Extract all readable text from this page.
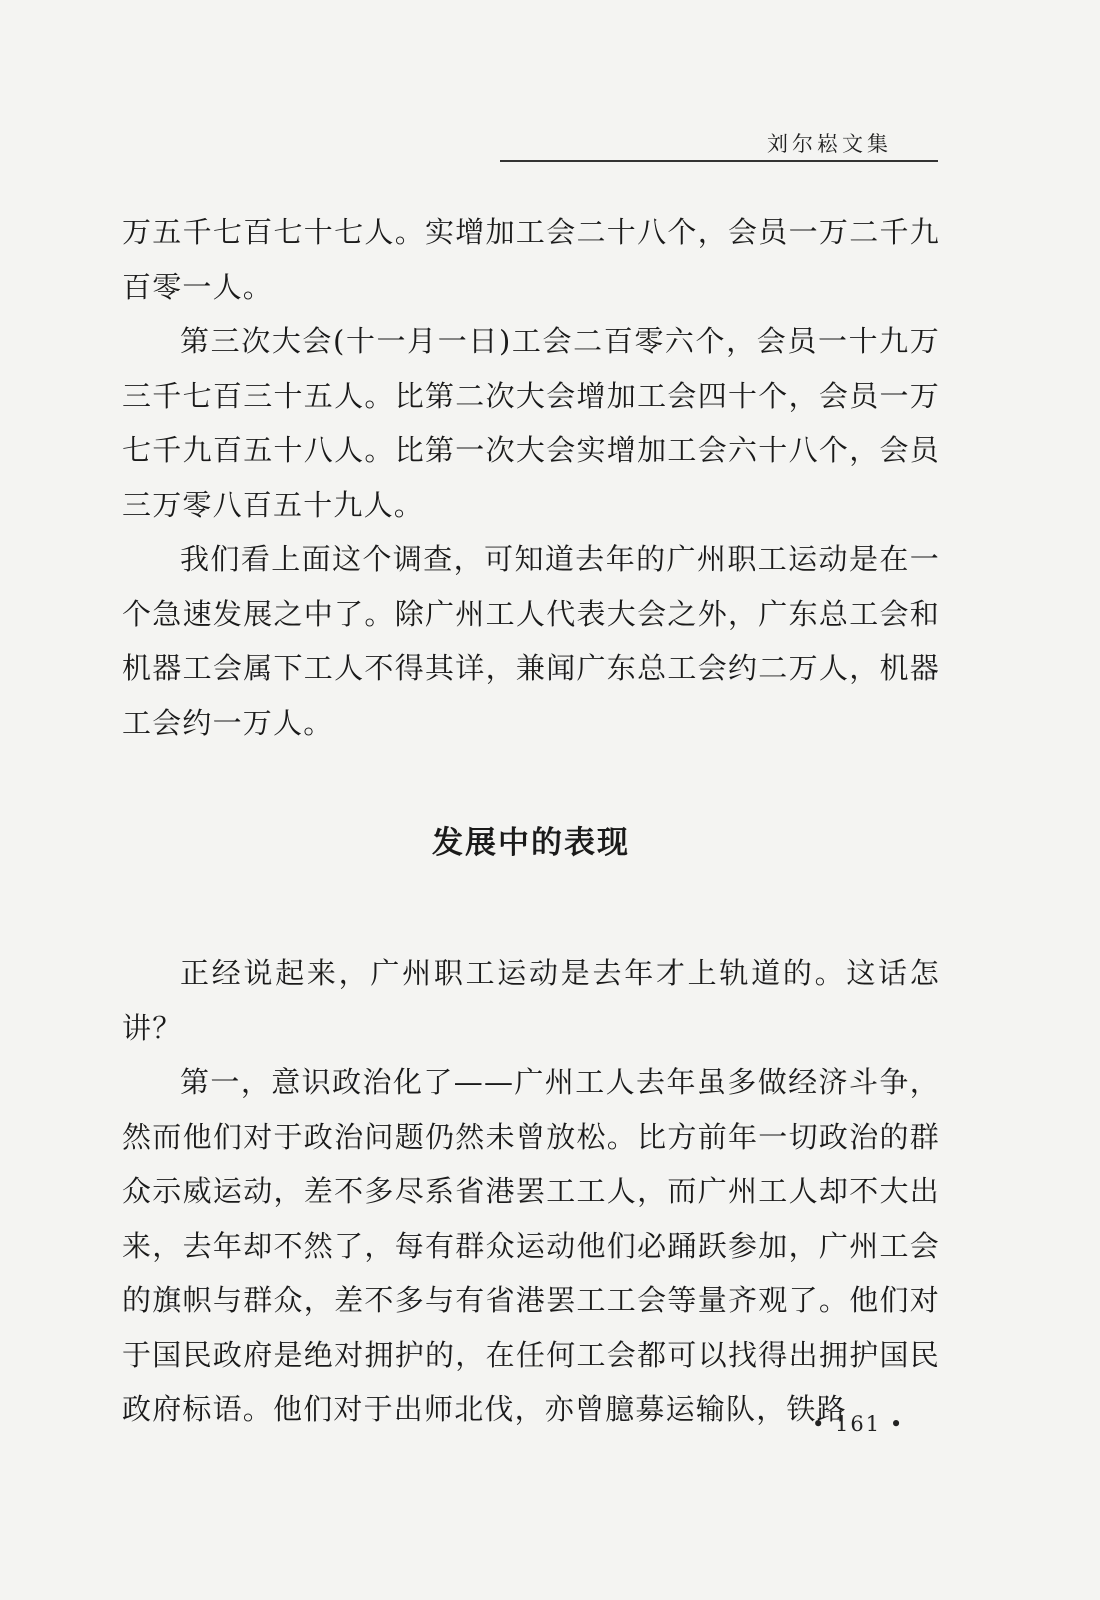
刘尔崧文集

万五千七百七十七人。实增加工会二十八个，会员一万二千九百零一人。

第三次大会(十一月一日)工会二百零六个，会员一十九万三千七百三十五人。比第二次大会增加工会四十个，会员一万七千九百五十八人。比第一次大会实增加工会六十八个，会员三万零八百五十九人。

我们看上面这个调查，可知道去年的广州职工运动是在一个急速发展之中了。除广州工人代表大会之外，广东总工会和机器工会属下工人不得其详，兼闻广东总工会约二万人，机器工会约一万人。

发展中的表现

正经说起来，广州职工运动是去年才上轨道的。这话怎讲？

第一，意识政治化了——广州工人去年虽多做经济斗争，然而他们对于政治问题仍然未曾放松。比方前年一切政治的群众示威运动，差不多尽系省港罢工工人，而广州工人却不大出来，去年却不然了，每有群众运动他们必踊跃参加，广州工会的旗帜与群众，差不多与有省港罢工工会等量齐观了。他们对于国民政府是绝对拥护的，在任何工会都可以找得出拥护国民政府标语。他们对于出师北伐，亦曾臆募运输队，铁路

• 161 •
